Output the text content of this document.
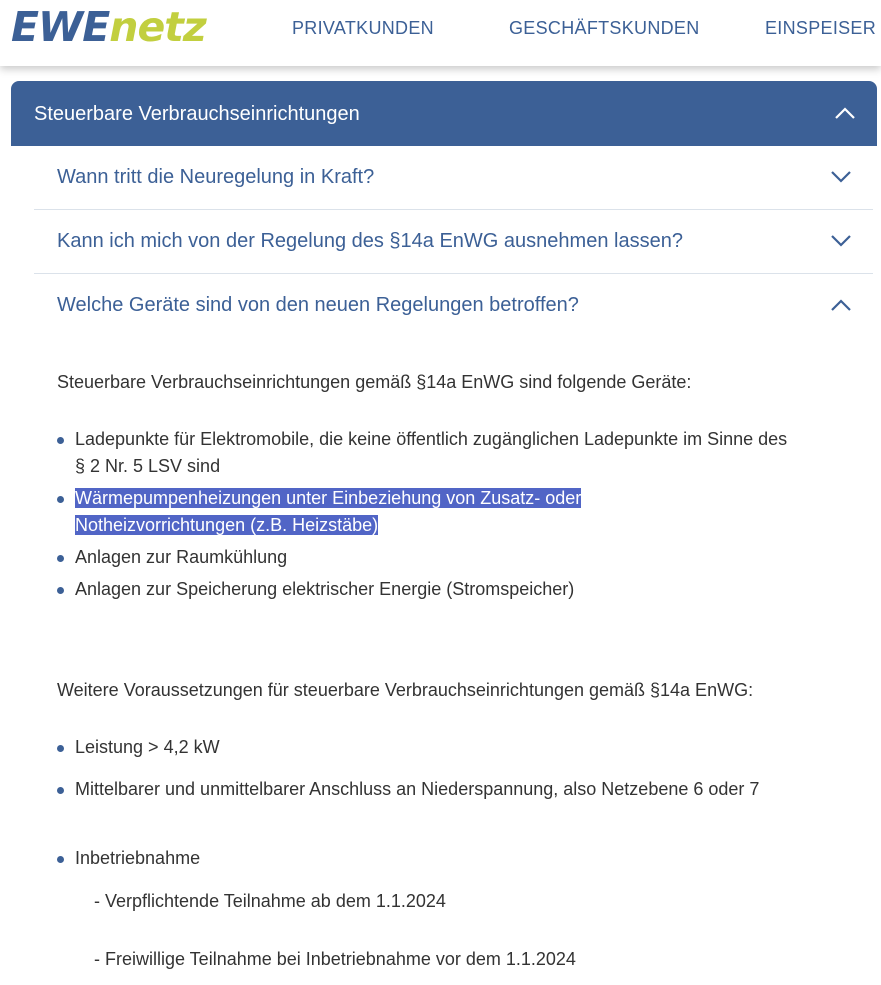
EWEnetz	PRIVATKUNDEN	GESCHÄFTSKUNDEN	EINSPEISER
Steuerbare Verbrauchseinrichtungen
Wann tritt die Neuregelung in Kraft?
Kann ich mich von der Regelung des §14a EnWG ausnehmen lassen?
Welche Geräte sind von den neuen Regelungen betroffen?
Steuerbare Verbrauchseinrichtungen gemäß §14a EnWG sind folgende Geräte:
Ladepunkte für Elektromobile, die keine öffentlich zugänglichen Ladepunkte im Sinne des § 2 Nr. 5 LSV sind
Wärmepumpenheizungen unter Einbeziehung von Zusatz- oder Notheizvorrichtungen (z.B. Heizstäbe)
Anlagen zur Raumkühlung
Anlagen zur Speicherung elektrischer Energie (Stromspeicher)
Weitere Voraussetzungen für steuerbare Verbrauchseinrichtungen gemäß §14a EnWG:
Leistung > 4,2 kW
Mittelbarer und unmittelbarer Anschluss an Niederspannung, also Netzebene 6 oder 7
Inbetriebnahme
- Verpflichtende Teilnahme ab dem 1.1.2024
- Freiwillige Teilnahme bei Inbetriebnahme vor dem 1.1.2024
